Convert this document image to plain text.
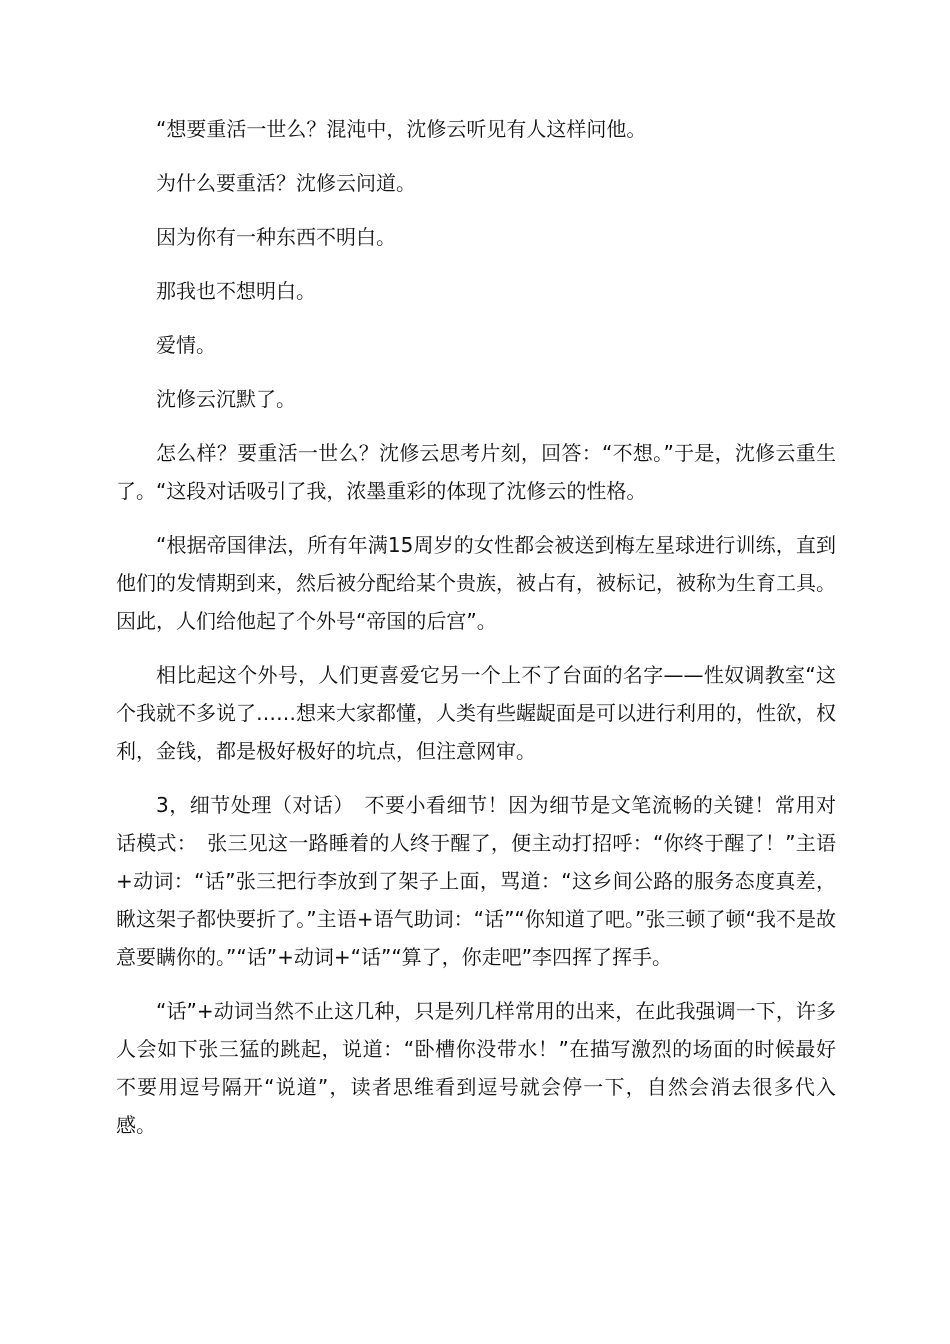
“想要重活一世么？混沌中，沈修云听见有人这样问他。

为什么要重活？沈修云问道。

因为你有一种东西不明白。

那我也不想明白。

爱情。

沈修云沉默了。

怎么样？要重活一世么？沈修云思考片刻，回答：“不想。”于是，沈修云重生了。“这段对话吸引了我，浓墨重彩的体现了沈修云的性格。

“根据帝国律法，所有年满15周岁的女性都会被送到梅左星球进行训练，直到他们的发情期到来，然后被分配给某个贵族，被占有，被标记，被称为生育工具。因此，人们给他起了个外号“帝国的后宫”。

相比起这个外号，人们更喜爱它另一个上不了台面的名字——性奴调教室“这个我就不多说了……想来大家都懂，人类有些龌龊面是可以进行利用的，性欲，权利，金钱，都是极好极好的坑点，但注意网审。

3，细节处理（对话）　不要小看细节！因为细节是文笔流畅的关键！常用对话模式：　张三见这一路睡着的人终于醒了，便主动打招呼：“你终于醒了！”主语+动词：“话”张三把行李放到了架子上面，骂道：“这乡间公路的服务态度真差，瞅这架子都快要折了。”主语+语气助词：“话”“你知道了吧。”张三顿了顿“我不是故意要瞒你的。”“话”+动词+“话”“算了，你走吧”李四挥了挥手。

“话”+动词当然不止这几种，只是列几样常用的出来，在此我强调一下，许多人会如下张三猛的跳起，说道：“卧槽你没带水！”在描写激烈的场面的时候最好不要用逗号隔开“说道”，读者思维看到逗号就会停一下，自然会消去很多代入感。
